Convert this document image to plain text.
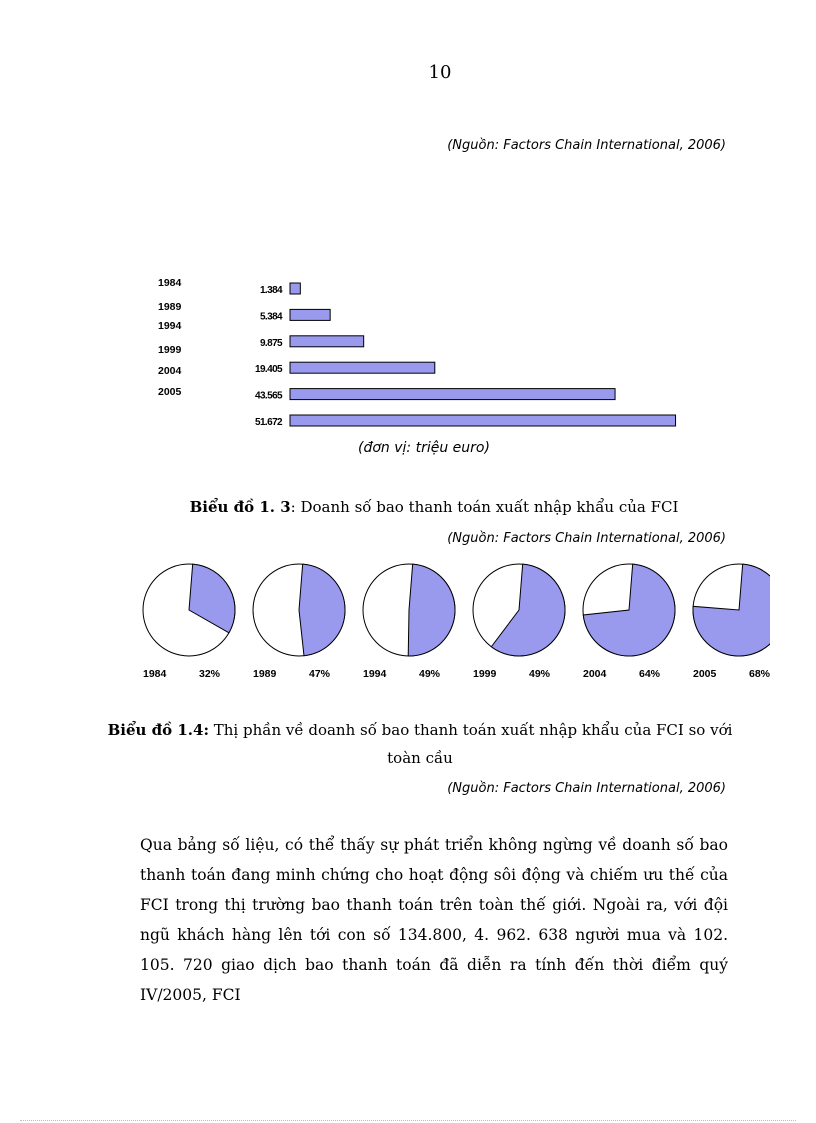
10
(Nguồn: Factors Chain International, 2006)
1984
1989
1994
1999
2004
2005
1.384
5.384
9.875
19.405
43.565
51.672
(đơn vị: triệu euro)
Biểu đồ 1. 3: Doanh số bao thanh toán xuất nhập khẩu của FCI
(Nguồn: Factors Chain International, 2006)
1984	32%	1989	47%	1994	49%	1999	49%	2004	64%	2005	68%
Biểu đồ 1.4: Thị phần về doanh số bao thanh toán xuất nhập khẩu của FCI so với
toàn cầu
(Nguồn: Factors Chain International, 2006)
Qua bảng số liệu, có thể thấy sự phát triển không ngừng về doanh số bao thanh toán đang minh chứng cho hoạt động sôi động và chiếm ưu thế của FCI trong thị trường bao thanh toán trên toàn thế giới. Ngoài ra, với đội ngũ khách hàng lên tới con số 134.800, 4. 962. 638 người mua và 102. 105. 720 giao dịch bao thanh toán đã diễn ra tính đến thời điểm quý IV/2005, FCI
